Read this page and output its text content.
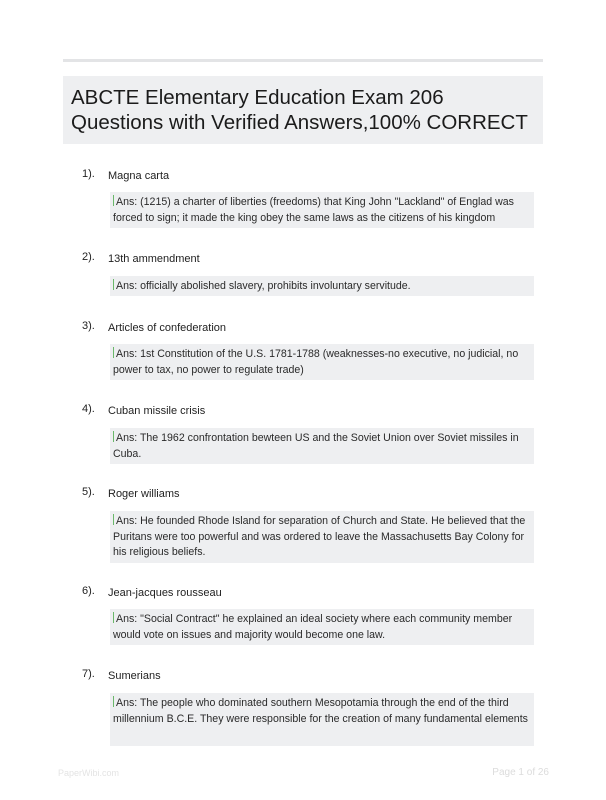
ABCTE Elementary Education Exam 206
Questions with Verified Answers,100% CORRECT
1). Magna carta
Ans: (1215) a charter of liberties (freedoms) that King John "Lackland" of Englad was forced to sign; it made the king obey the same laws as the citizens of his kingdom
2). 13th ammendment
Ans: officially abolished slavery, prohibits involuntary servitude.
3). Articles of confederation
Ans: 1st Constitution of the U.S. 1781-1788 (weaknesses-no executive, no judicial, no power to tax, no power to regulate trade)
4). Cuban missile crisis
Ans: The 1962 confrontation bewteen US and the Soviet Union over Soviet missiles in Cuba.
5). Roger williams
Ans: He founded Rhode Island for separation of Church and State. He believed that the Puritans were too powerful and was ordered to leave the Massachusetts Bay Colony for his religious beliefs.
6). Jean-jacques rousseau
Ans: "Social Contract" he explained an ideal society where each community member would vote on issues and majority would become one law.
7). Sumerians
Ans: The people who dominated southern Mesopotamia through the end of the third millennium B.C.E. They were responsible for the creation of many fundamental elements
PaperWibi.com	Page 1 of 26
